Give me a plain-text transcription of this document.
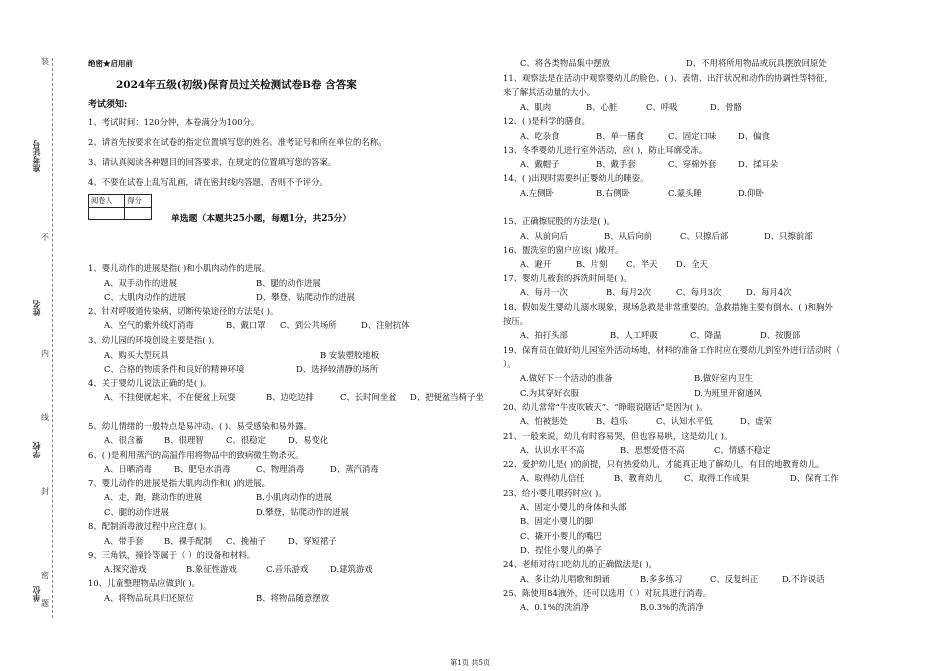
装
不
内
线
封
密
题
准考证号
姓名
学校
单位
绝密★启用前
2024年五级(初级)保育员过关检测试卷B卷 含答案
考试须知:
1、考试时间：120分钟，本卷满分为100分。
2、请首先按要求在试卷的指定位置填写您的姓名、准考证号和所在单位的名称。
3、请认真阅读各种题目的回答要求，在规定的位置填写您的答案。
4、不要在试卷上乱写乱画，请在密封线内答题，否则不予评分。
阅卷人	得分

单选题（本题共25小题，每题1分，共25分）
1、婴儿动作的进展是指( )和小肌肉动作的进展。
A、双手动作的进展	B、腿的动作进展
C、大肌肉动作的进展	D、攀登、钻爬动作的进展
2、针对呼吸道传染病，切断传染途径的方法是( )。
A、空气的紫外线灯消毒	B、戴口罩 C、到公共场所	D、注射抗体
3、幼儿园的环境创设主要是指( )。
A、购买大型玩具	B 安装塑胶地板
C、合格的物质条件和良好的精神环境	D、选择较清静的场所
4、关于婴幼儿说法正确的是( )。
A、不挂便就起来，不在便盆上玩耍	B、边吃边排	C、长时间坐盆 D、把便盆当椅子坐
5、幼儿情绪的一般特点是易冲动、( )、易受感染和易外露。
A、很含蓄 B、很理智	C、很稳定	D、易变化
6、( )是利用蒸汽的高温作用将物品中的致病微生物杀灭。
A、日晒消毒	B、肥皂水消毒	C、物理消毒	D、蒸汽消毒
7、婴儿动作的进展是指大肌肉动作和( )的进展。
A、走，跑，跳动作的进展	B.小肌肉动作的进展
C、腿的动作进展	D.攀登，钻爬动作的进展
8、配制消毒液过程中应注意( )。
A、带手套 B、裸手配制 C、挽袖子	D、穿短裙子
9、三角铁，撞铃等属于（ ）的设备和材料。
A.探究游戏	B.象征性游戏	C.音乐游戏	D.建筑游戏
10、儿童整理物品应做到( )。
A、将物品玩具归还原位	B、将物品随意摆放
C、将各类物品集中摆放	D、不用将所用物品或玩具摆放回原处
11、观察法是在活动中观察婴幼儿的脸色、( )、表情、出汗状况和动作的协调性等特征，
来了解其活动量的大小。
A、肌肉	B、心脏	C、呼吸	D、骨骼
12、( )是科学的膳食。
A、吃杂食	B、单一膳食	C、固定口味	D、偏食
13、冬季婴幼儿进行室外活动，应( )，防止耳廓受冻。
A、戴帽子	B、戴手套	C、穿棉外套	D、揉耳朵
14、( )出现时需要纠正婴幼儿的睡姿。
A.左侧卧	B.右侧卧	C.蒙头睡	D.仰卧
15、正确擦屁股的方法是( )。
A、从前向后	B、从后向前	C、只擦后部	D、只擦前部
16、盥洗室的窗户应该( )敞开。
A、避开	B、片刻 C、半天 D、全天
17、婴幼儿被套的拆洗时间是( )。
A、每月一次	B、每月2次	C、每月3次	D、每月4次
18、假如发生婴幼儿溺水现象，现场急救是非常重要的。急救措施主要有倒水、( )和胸外
按压。
A、拍打头部	B、人工呼吸	C、降温	D、按腹部
19、保育员在做好幼儿园室外活动场地，材料的准备工作时应在婴幼儿到室外进行活动时（
）。
A.做好下一个活动的准备	B.做好室内卫生
C.为其穿好衣服	D.为班里开窗通风
20、幼儿常常“牛皮吹破天”、“睁眼说瞎话”是因为( )。
A、怕被惩处	B、趋乐	C、认知水平低	D、虚荣
21、一般来说，幼儿有时容易哭，但也容易哄，这是幼儿( )。
A、认识水平不高	B、思想爱悟不高	C、情感不稳定
22、爱护幼儿是( )的前提，只有热爱幼儿，才能真正地了解幼儿，有目的地教育幼儿。
A、取得幼儿信任	B、教育幼儿	C、取得工作成果	D、保育工作
23、给小婴儿喂药时应( )。
A、固定小婴儿的身体和头部
B、固定小婴儿的脚
C、撬开小婴儿的嘴巴
D、捏住小婴儿的鼻子
24、老师对待口吃幼儿的正确做法是( )。
A、多让幼儿唱歌和朗诵	B.多多练习	C、反复纠正	D.不许说话
25、陈使用84液外，还可以选用（ ）对玩具进行消毒。
A、0.1%的洗消净	B.0.3%的洗消净
第1页 共5页
